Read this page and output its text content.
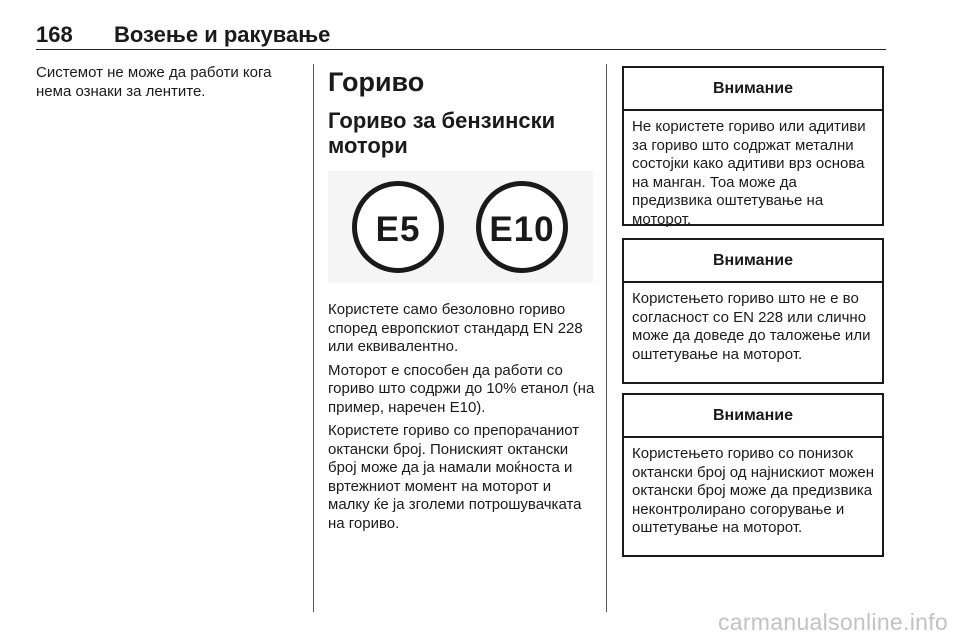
168 Возење и ракување

Системот не може да работи кога нема ознаки за лентите.	Гориво
Гориво за бензински мотори
E5	E10

Користете само безоловно гориво според европскиот стандард EN 228 или еквивалентно.

Моторот е способен да работи со гориво што содржи до 10% етанол (на пример, наречен E10).

Користете гориво со препорачаниот октански број. Пониският октански број може да ја намали моќноста и вртежниот момент на моторот и малку ќе ја зголеми потрошувачката на гориво.

Внимание
Не користете гориво или адитиви за гориво што содржат метални состојки како адитиви врз основа на манган. Тоа може да предизвика оштетување на моторот.
Внимание
Користењето гориво што не е во согласност со EN 228 или слично може да доведе до таложење или оштетување на моторот.
Внимание
Користењето гориво со понизок октански број од најнискиот можен октански број може да предизвика неконтролирано согорување и оштетување на моторот.
carmanualsonline.info
